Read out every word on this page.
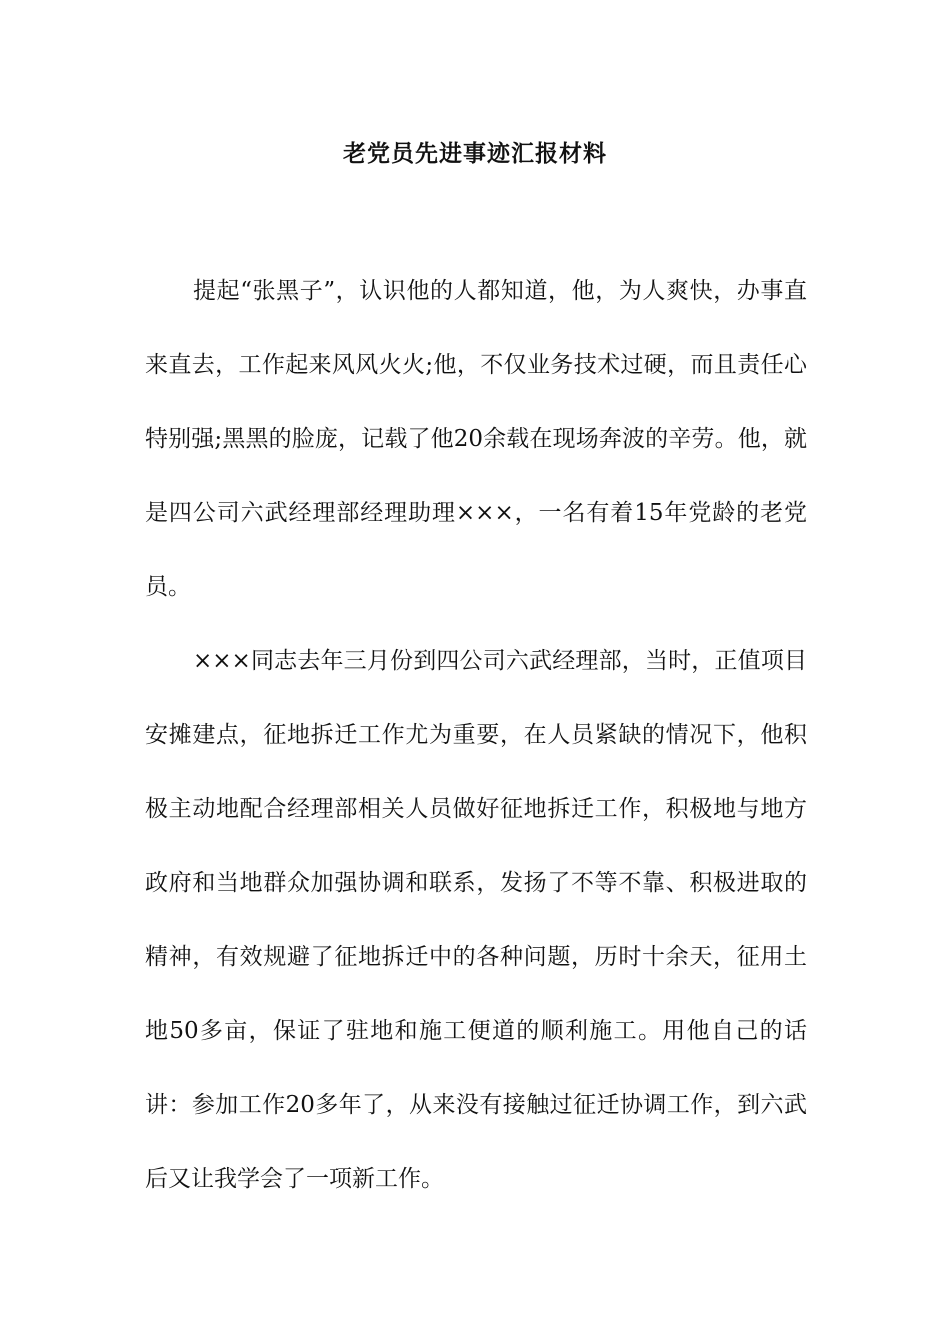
老党员先进事迹汇报材料

提起“张黑子”，认识他的人都知道，他，为人爽快，办事直来直去，工作起来风风火火;他，不仅业务技术过硬，而且责任心特别强;黑黑的脸庞，记载了他20余载在现场奔波的辛劳。他，就是四公司六武经理部经理助理×××，一名有着15年党龄的老党员。

×××同志去年三月份到四公司六武经理部，当时，正值项目安摊建点，征地拆迁工作尤为重要，在人员紧缺的情况下，他积极主动地配合经理部相关人员做好征地拆迁工作，积极地与地方政府和当地群众加强协调和联系，发扬了不等不靠、积极进取的精神，有效规避了征地拆迁中的各种问题，历时十余天，征用土地50多亩，保证了驻地和施工便道的顺利施工。用他自己的话讲：参加工作20多年了，从来没有接触过征迁协调工作，到六武后又让我学会了一项新工作。
